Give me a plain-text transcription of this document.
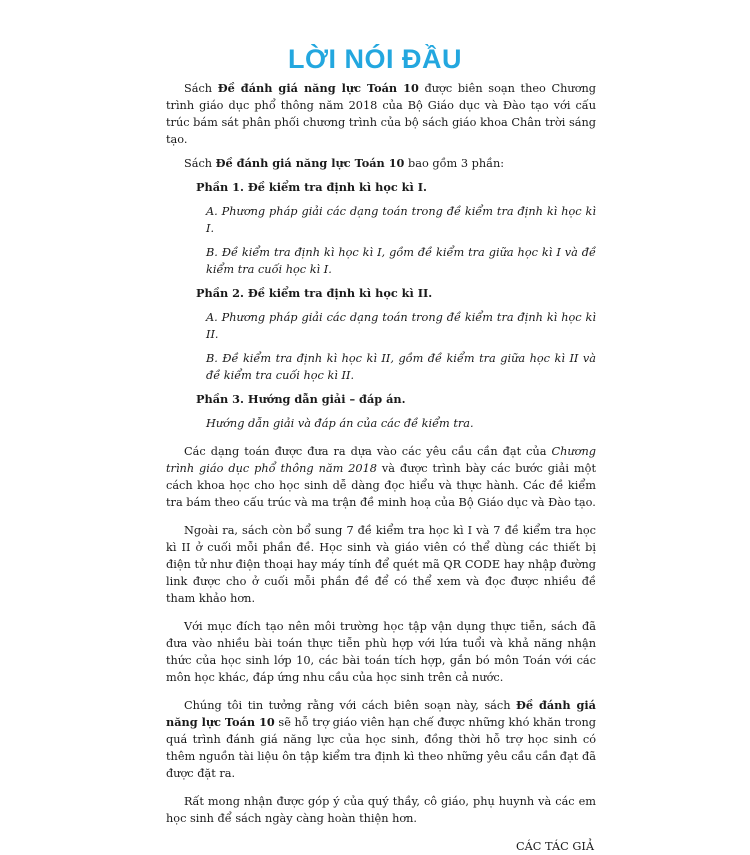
LỜI NÓI ĐẦU

Sách Đề đánh giá năng lực Toán 10 được biên soạn theo Chương trình giáo dục phổ thông năm 2018 của Bộ Giáo dục và Đào tạo với cấu trúc bám sát phân phối chương trình của bộ sách giáo khoa Chân trời sáng tạo.

Sách Đề đánh giá năng lực Toán 10 bao gồm 3 phần:

Phần 1. Đề kiểm tra định kì học kì I.

A. Phương pháp giải các dạng toán trong đề kiểm tra định kì học kì I.

B. Đề kiểm tra định kì học kì I, gồm đề kiểm tra giữa học kì I và đề kiểm tra cuối học kì I.

Phần 2. Đề kiểm tra định kì học kì II.

A. Phương pháp giải các dạng toán trong đề kiểm tra định kì học kì II.

B. Đề kiểm tra định kì học kì II, gồm đề kiểm tra giữa học kì II và đề kiểm tra cuối học kì II.

Phần 3. Hướng dẫn giải – đáp án.

Hướng dẫn giải và đáp án của các đề kiểm tra.

Các dạng toán được đưa ra dựa vào các yêu cầu cần đạt của Chương trình giáo dục phổ thông năm 2018 và được trình bày các bước giải một cách khoa học cho học sinh dễ dàng đọc hiểu và thực hành. Các đề kiểm tra bám theo cấu trúc và ma trận đề minh hoạ của Bộ Giáo dục và Đào tạo.

Ngoài ra, sách còn bổ sung 7 đề kiểm tra học kì I và 7 đề kiểm tra học kì II ở cuối mỗi phần đề. Học sinh và giáo viên có thể dùng các thiết bị điện tử như điện thoại hay máy tính để quét mã QR CODE hay nhập đường link được cho ở cuối mỗi phần đề để có thể xem và đọc được nhiều đề tham khảo hơn.

Với mục đích tạo nên môi trường học tập vận dụng thực tiễn, sách đã đưa vào nhiều bài toán thực tiễn phù hợp với lứa tuổi và khả năng nhận thức của học sinh lớp 10, các bài toán tích hợp, gắn bó môn Toán với các môn học khác, đáp ứng nhu cầu của học sinh trên cả nước.

Chúng tôi tin tưởng rằng với cách biên soạn này, sách Đề đánh giá năng lực Toán 10 sẽ hỗ trợ giáo viên hạn chế được những khó khăn trong quá trình đánh giá năng lực của học sinh, đồng thời hỗ trợ học sinh có thêm nguồn tài liệu ôn tập kiểm tra định kì theo những yêu cầu cần đạt đã được đặt ra.

Rất mong nhận được góp ý của quý thầy, cô giáo, phụ huynh và các em học sinh để sách ngày càng hoàn thiện hơn.

CÁC TÁC GIẢ
